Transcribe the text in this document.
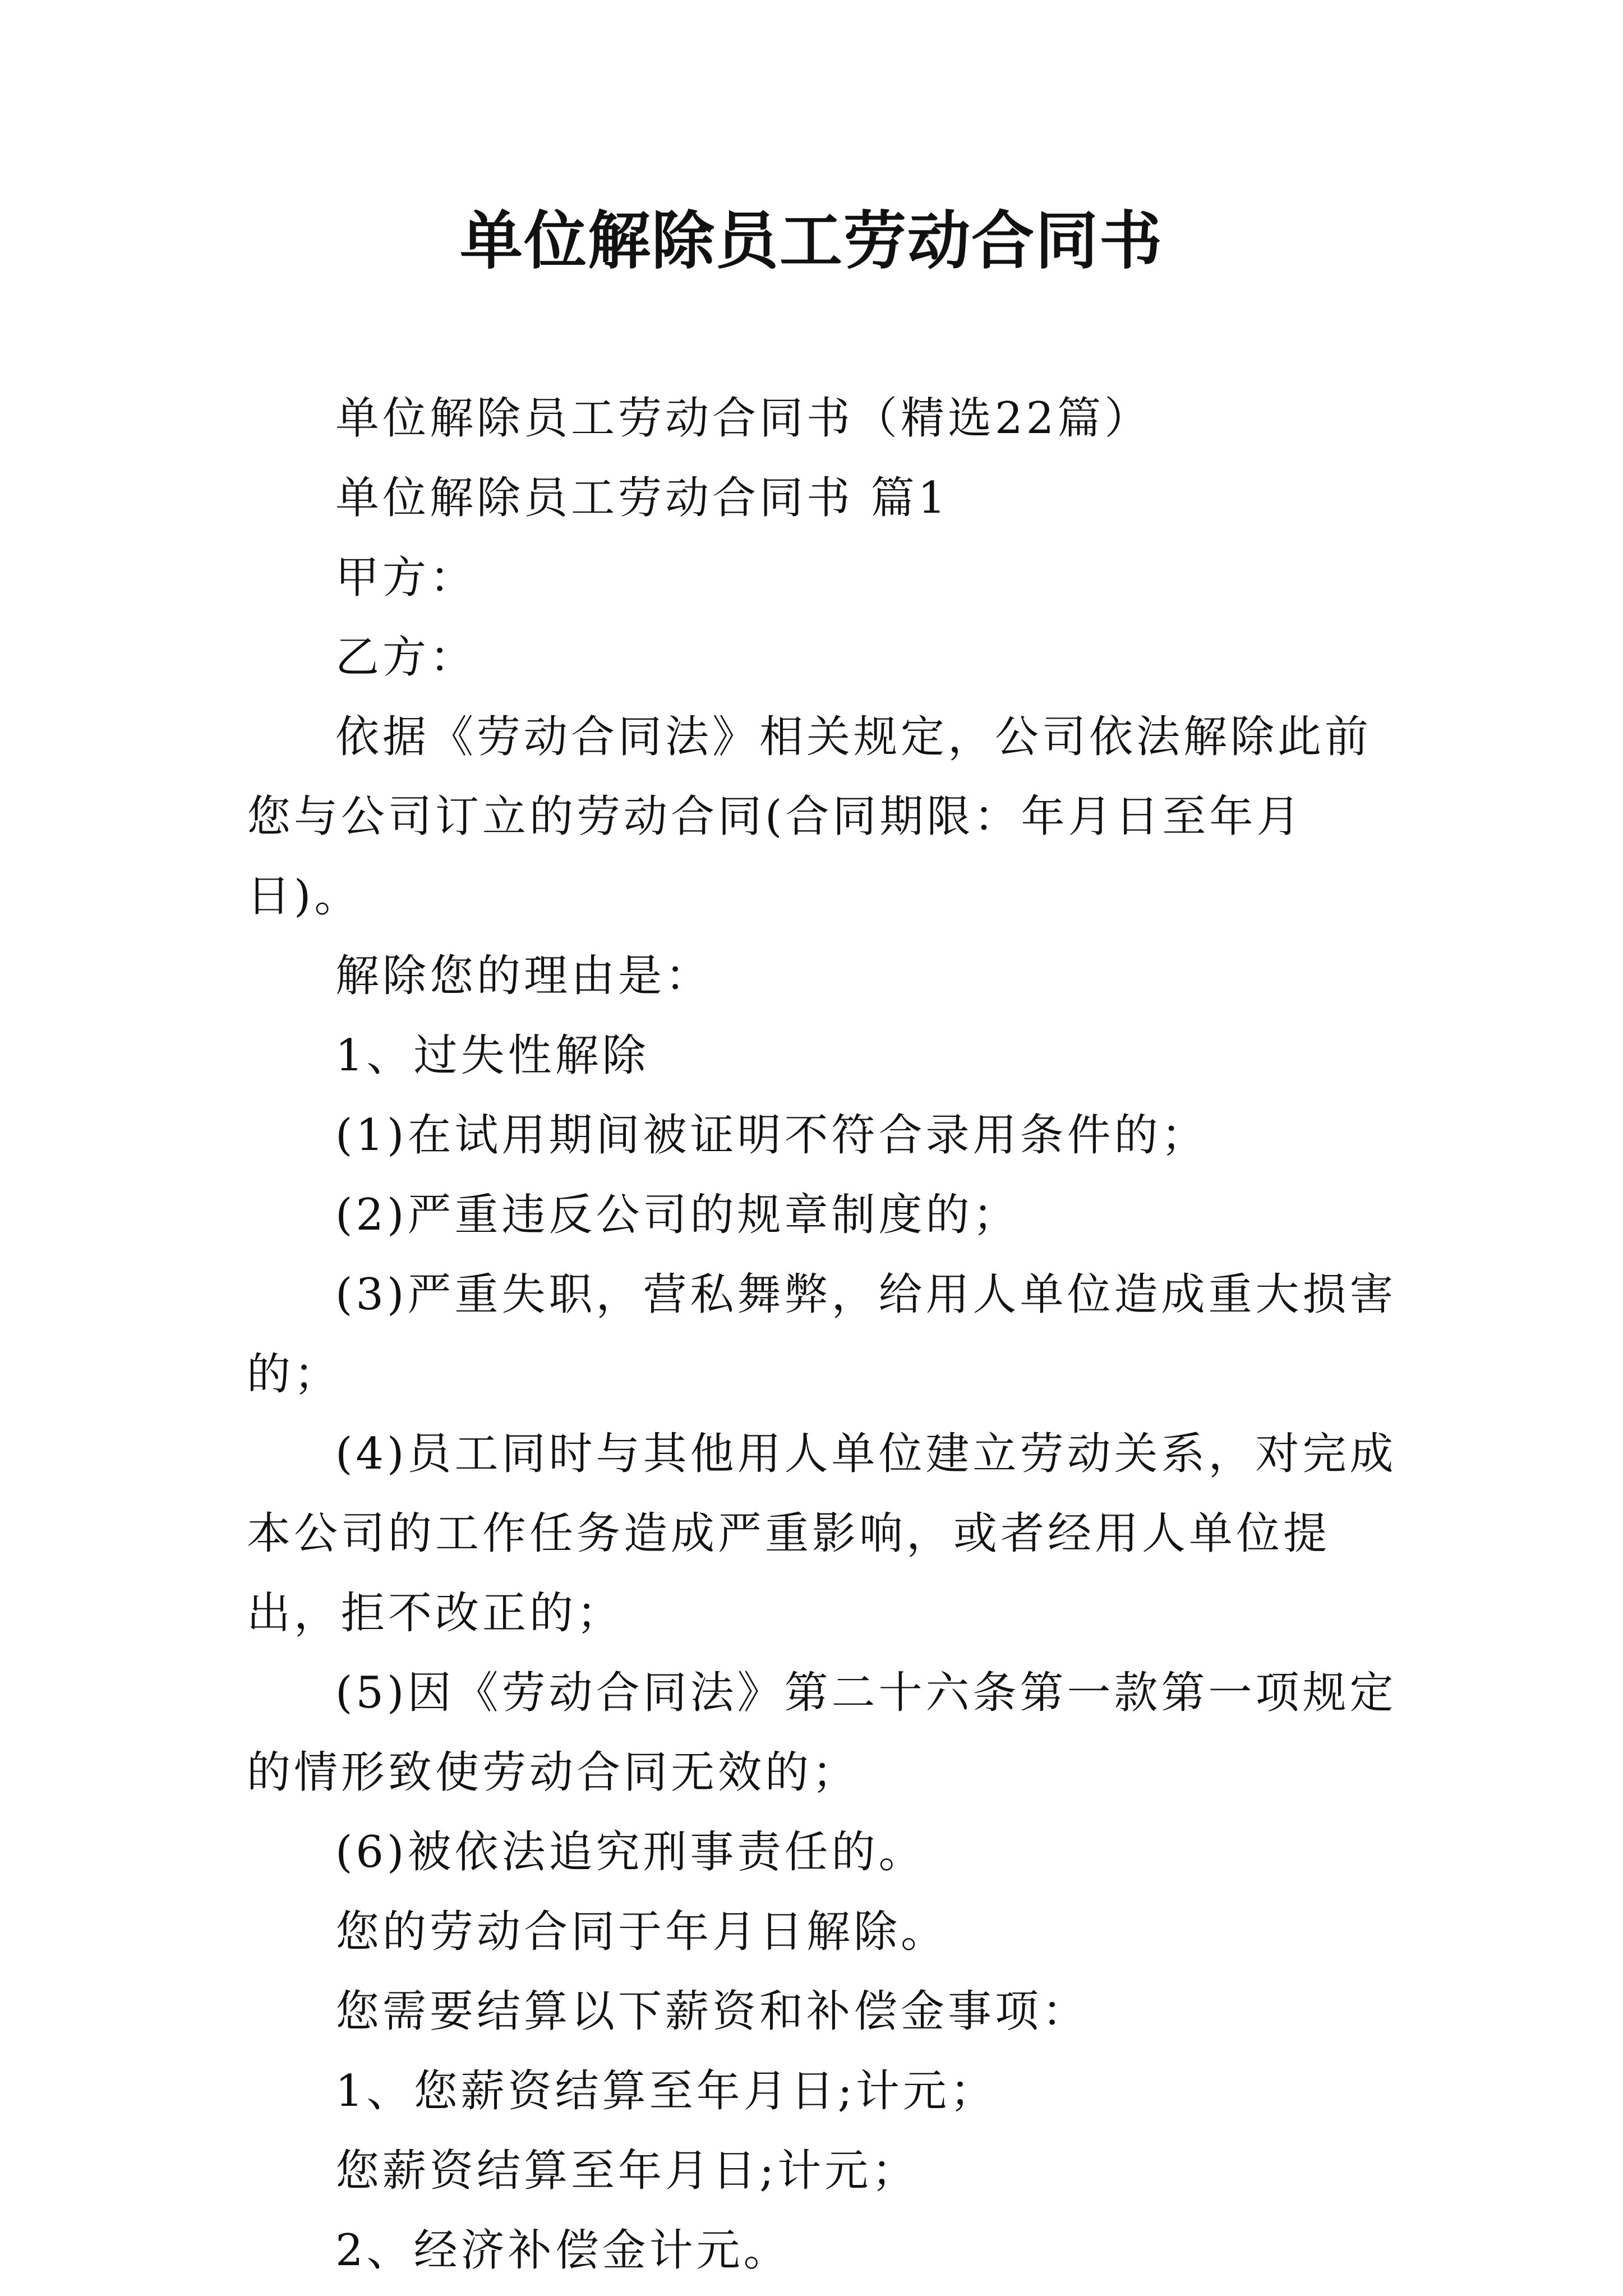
单位解除员工劳动合同书

单位解除员工劳动合同书（精选22篇）

单位解除员工劳动合同书 篇1

甲方：

乙方：

依据《劳动合同法》相关规定，公司依法解除此前您与公司订立的劳动合同(合同期限：年月日至年月日)。

解除您的理由是：

1、过失性解除

(1)在试用期间被证明不符合录用条件的；

(2)严重违反公司的规章制度的；

(3)严重失职，营私舞弊，给用人单位造成重大损害的；

(4)员工同时与其他用人单位建立劳动关系，对完成本公司的工作任务造成严重影响，或者经用人单位提出，拒不改正的；

(5)因《劳动合同法》第二十六条第一款第一项规定的情形致使劳动合同无效的；

(6)被依法追究刑事责任的。

您的劳动合同于年月日解除。

您需要结算以下薪资和补偿金事项：

1、您薪资结算至年月日;计元；

您薪资结算至年月日;计元；

2、经济补偿金计元。
